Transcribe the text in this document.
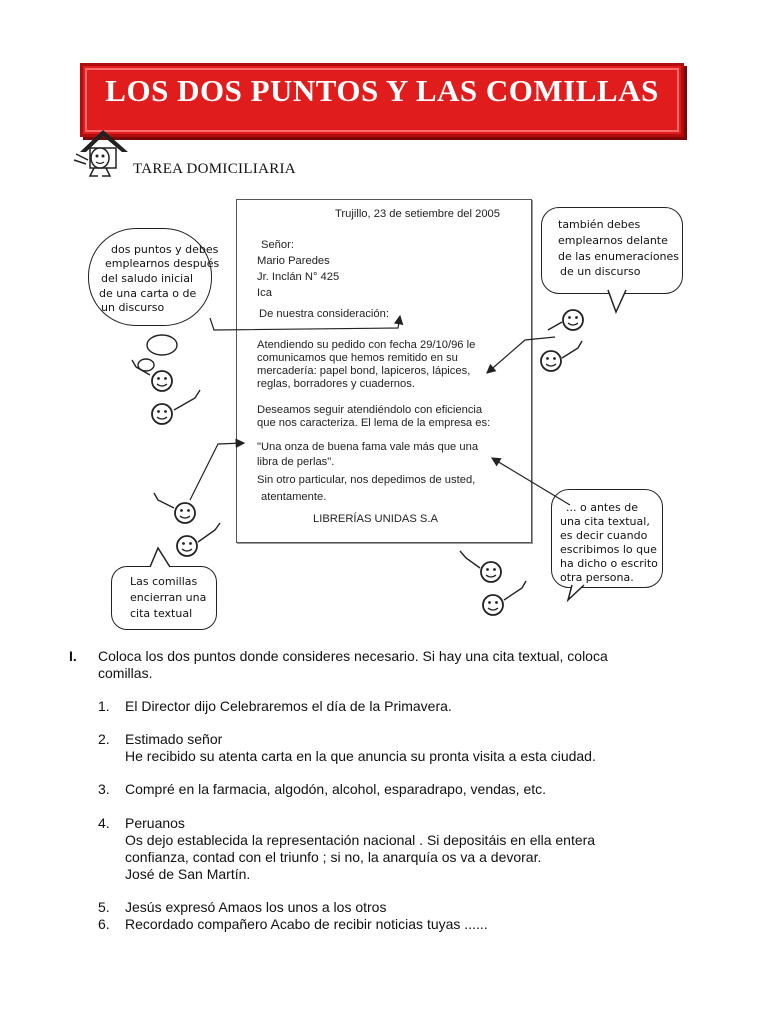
LOS DOS PUNTOS Y LAS COMILLAS
TAREA DOMICILIARIA
Trujillo, 23 de setiembre del 2005
Señor:
Mario Paredes
Jr. Inclán N° 425
Ica
De nuestra consideración:
Atendiendo su pedido con fecha 29/10/96 le
comunicamos que hemos remitido en su
mercadería: papel bond, lapiceros, lápices,
reglas, borradores y cuadernos.
Deseamos seguir atendiéndolo con eficiencia
que nos caracteriza. El lema de la empresa es:
"Una onza de buena fama vale más que una
libra de perlas".
Sin otro particular, nos depedimos de usted,
atentamente.
LIBRERÍAS UNIDAS S.A
dos puntos y debes
emplearnos después
del saludo inicial
de una carta o de
un discurso
también debes
emplearnos delante
de las enumeraciones
de un discurso
... o antes de
una cita textual,
es decir cuando
escribimos lo que
ha dicho o escrito
otra persona.
Las comillas
encierran una
cita textual
I. Coloca los dos puntos donde consideres necesario. Si hay una cita textual, coloca
comillas.
1. El Director dijo Celebraremos el día de la Primavera.
2. Estimado señor
He recibido su atenta carta en la que anuncia su pronta visita a esta ciudad.
3. Compré en la farmacia, algodón, alcohol, esparadrapo, vendas, etc.
4. Peruanos
Os dejo establecida la representación nacional . Si depositáis en ella entera
confianza, contad con el triunfo ; si no, la anarquía os va a devorar.
José de San Martín.
5. Jesús expresó Amaos los unos a los otros
6. Recordado compañero Acabo de recibir noticias tuyas ......
